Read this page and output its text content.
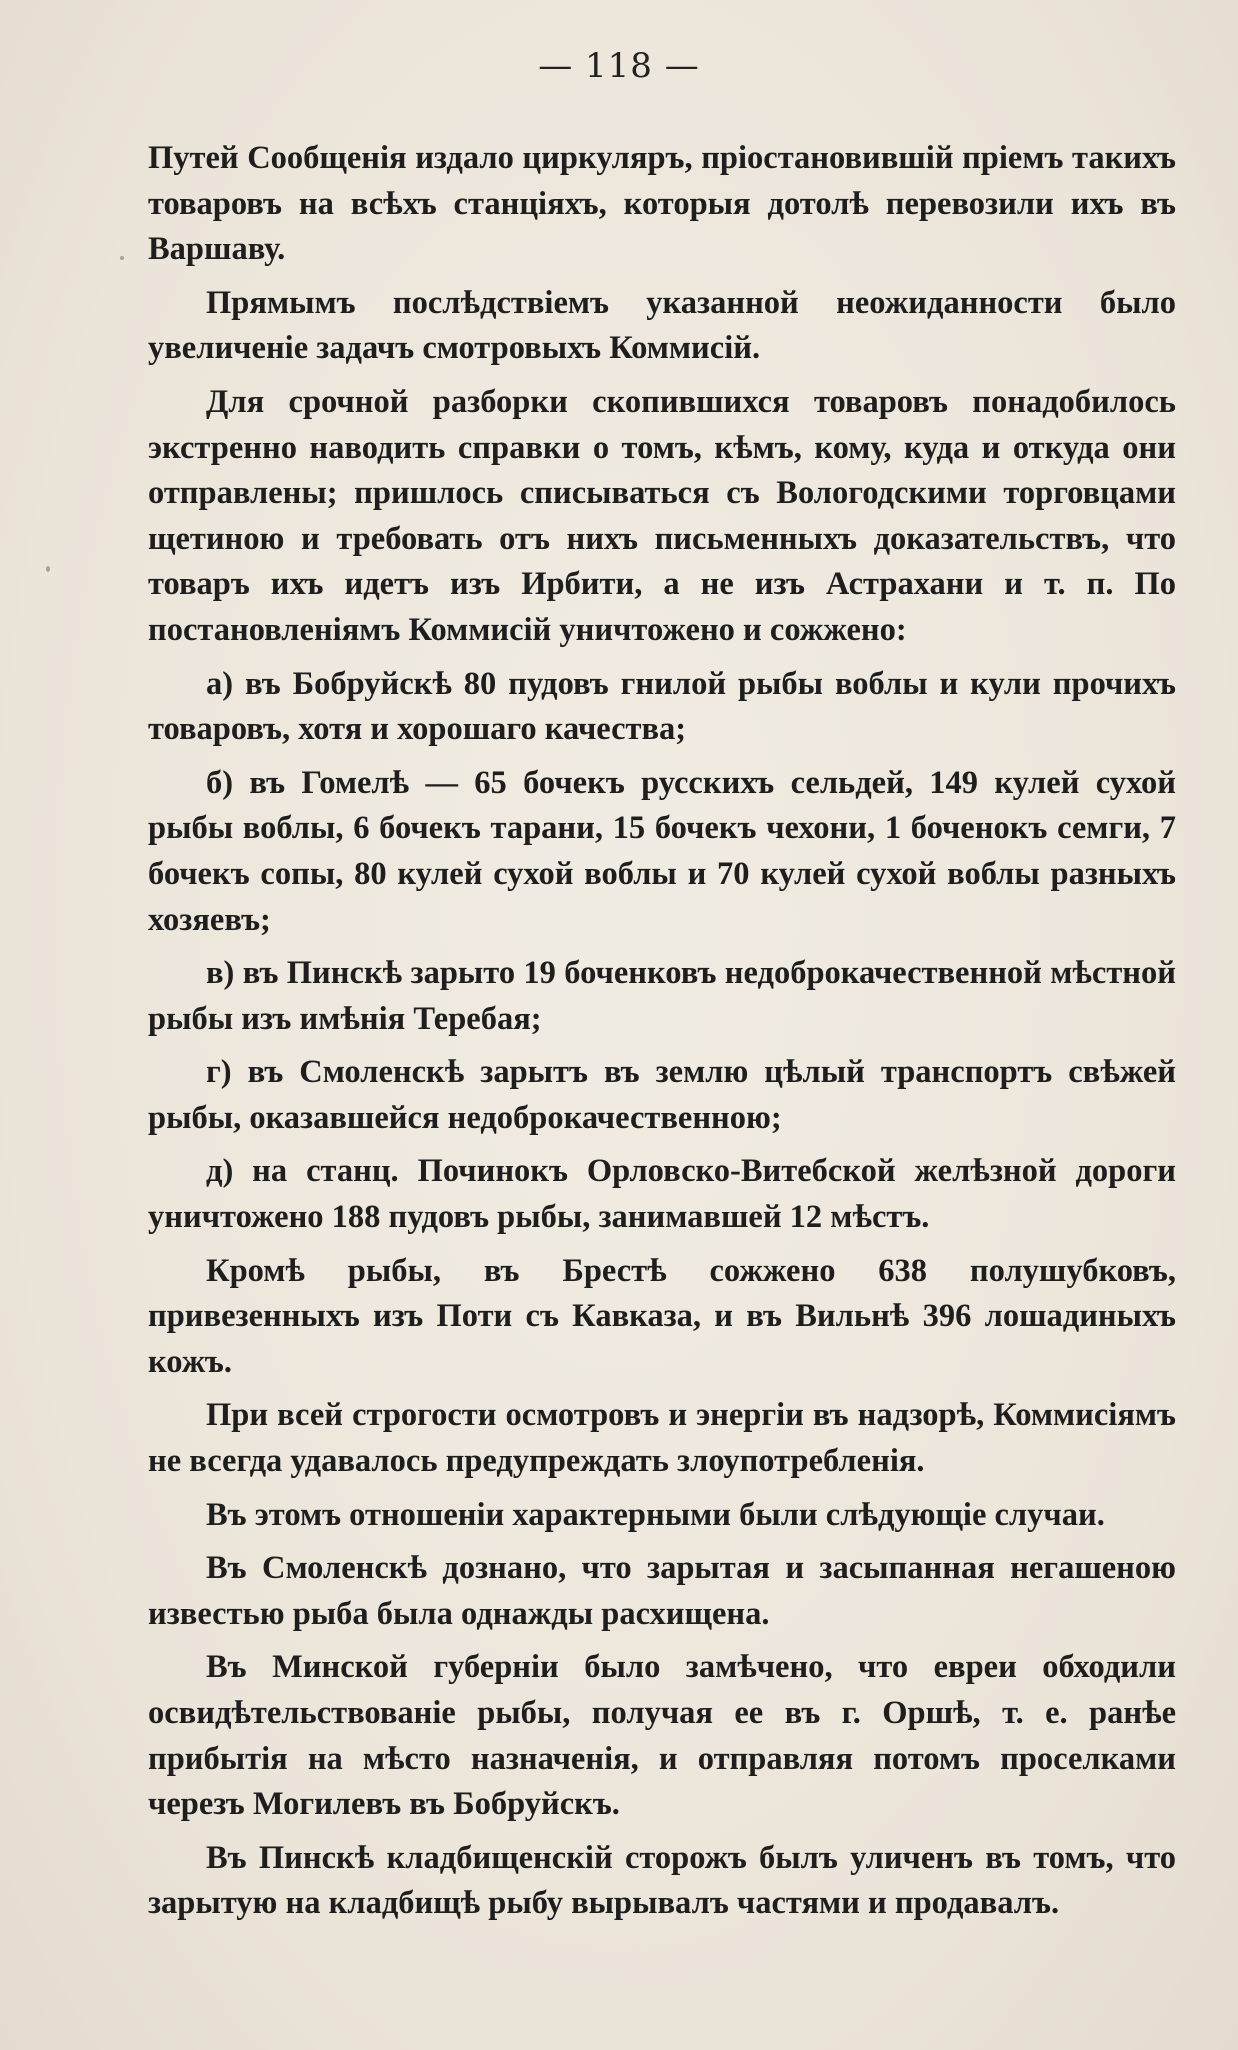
— 118 —

Путей Сообщенія издало циркуляръ, пріостановившій пріемъ такихъ товаровъ на всѣхъ станціяхъ, которыя дотолѣ перевозили ихъ въ Варшаву.

Прямымъ послѣдствіемъ указанной неожиданности было увеличеніе задачъ смотровыхъ Коммисій.

Для срочной разборки скопившихся товаровъ понадобилось экстренно наводить справки о томъ, кѣмъ, кому, куда и откуда они отправлены; пришлось списываться съ Вологодскими торговцами щетиною и требовать отъ нихъ письменныхъ доказательствъ, что товаръ ихъ идетъ изъ Ирбити, а не изъ Астрахани и т. п. По постановленіямъ Коммисій уничтожено и сожжено:

а) въ Бобруйскѣ 80 пудовъ гнилой рыбы воблы и кули прочихъ товаровъ, хотя и хорошаго качества;

б) въ Гомелѣ — 65 бочекъ русскихъ сельдей, 149 кулей сухой рыбы воблы, 6 бочекъ тарани, 15 бочекъ чехони, 1 боченокъ семги, 7 бочекъ сопы, 80 кулей сухой воблы и 70 кулей сухой воблы разныхъ хозяевъ;

в) въ Пинскѣ зарыто 19 боченковъ недоброкачественной мѣстной рыбы изъ имѣнія Теребая;

г) въ Смоленскѣ зарытъ въ землю цѣлый транспортъ свѣжей рыбы, оказавшейся недоброкачественною;

д) на станц. Починокъ Орловско-Витебской желѣзной дороги уничтожено 188 пудовъ рыбы, занимавшей 12 мѣстъ.

Кромѣ рыбы, въ Брестѣ сожжено 638 полушубковъ, привезенныхъ изъ Поти съ Кавказа, и въ Вильнѣ 396 лошадиныхъ кожъ.

При всей строгости осмотровъ и энергіи въ надзорѣ, Коммисіямъ не всегда удавалось предупреждать злоупотребленія.

Въ этомъ отношеніи характерными были слѣдующіе случаи.

Въ Смоленскѣ дознано, что зарытая и засыпанная негашеною известью рыба была однажды расхищена.

Въ Минской губерніи было замѣчено, что евреи обходили освидѣтельствованіе рыбы, получая ее въ г. Оршѣ, т. е. ранѣе прибытія на мѣсто назначенія, и отправляя потомъ проселками черезъ Могилевъ въ Бобруйскъ.

Въ Пинскѣ кладбищенскій сторожъ былъ уличенъ въ томъ, что зарытую на кладбищѣ рыбу вырывалъ частями и продавалъ.
